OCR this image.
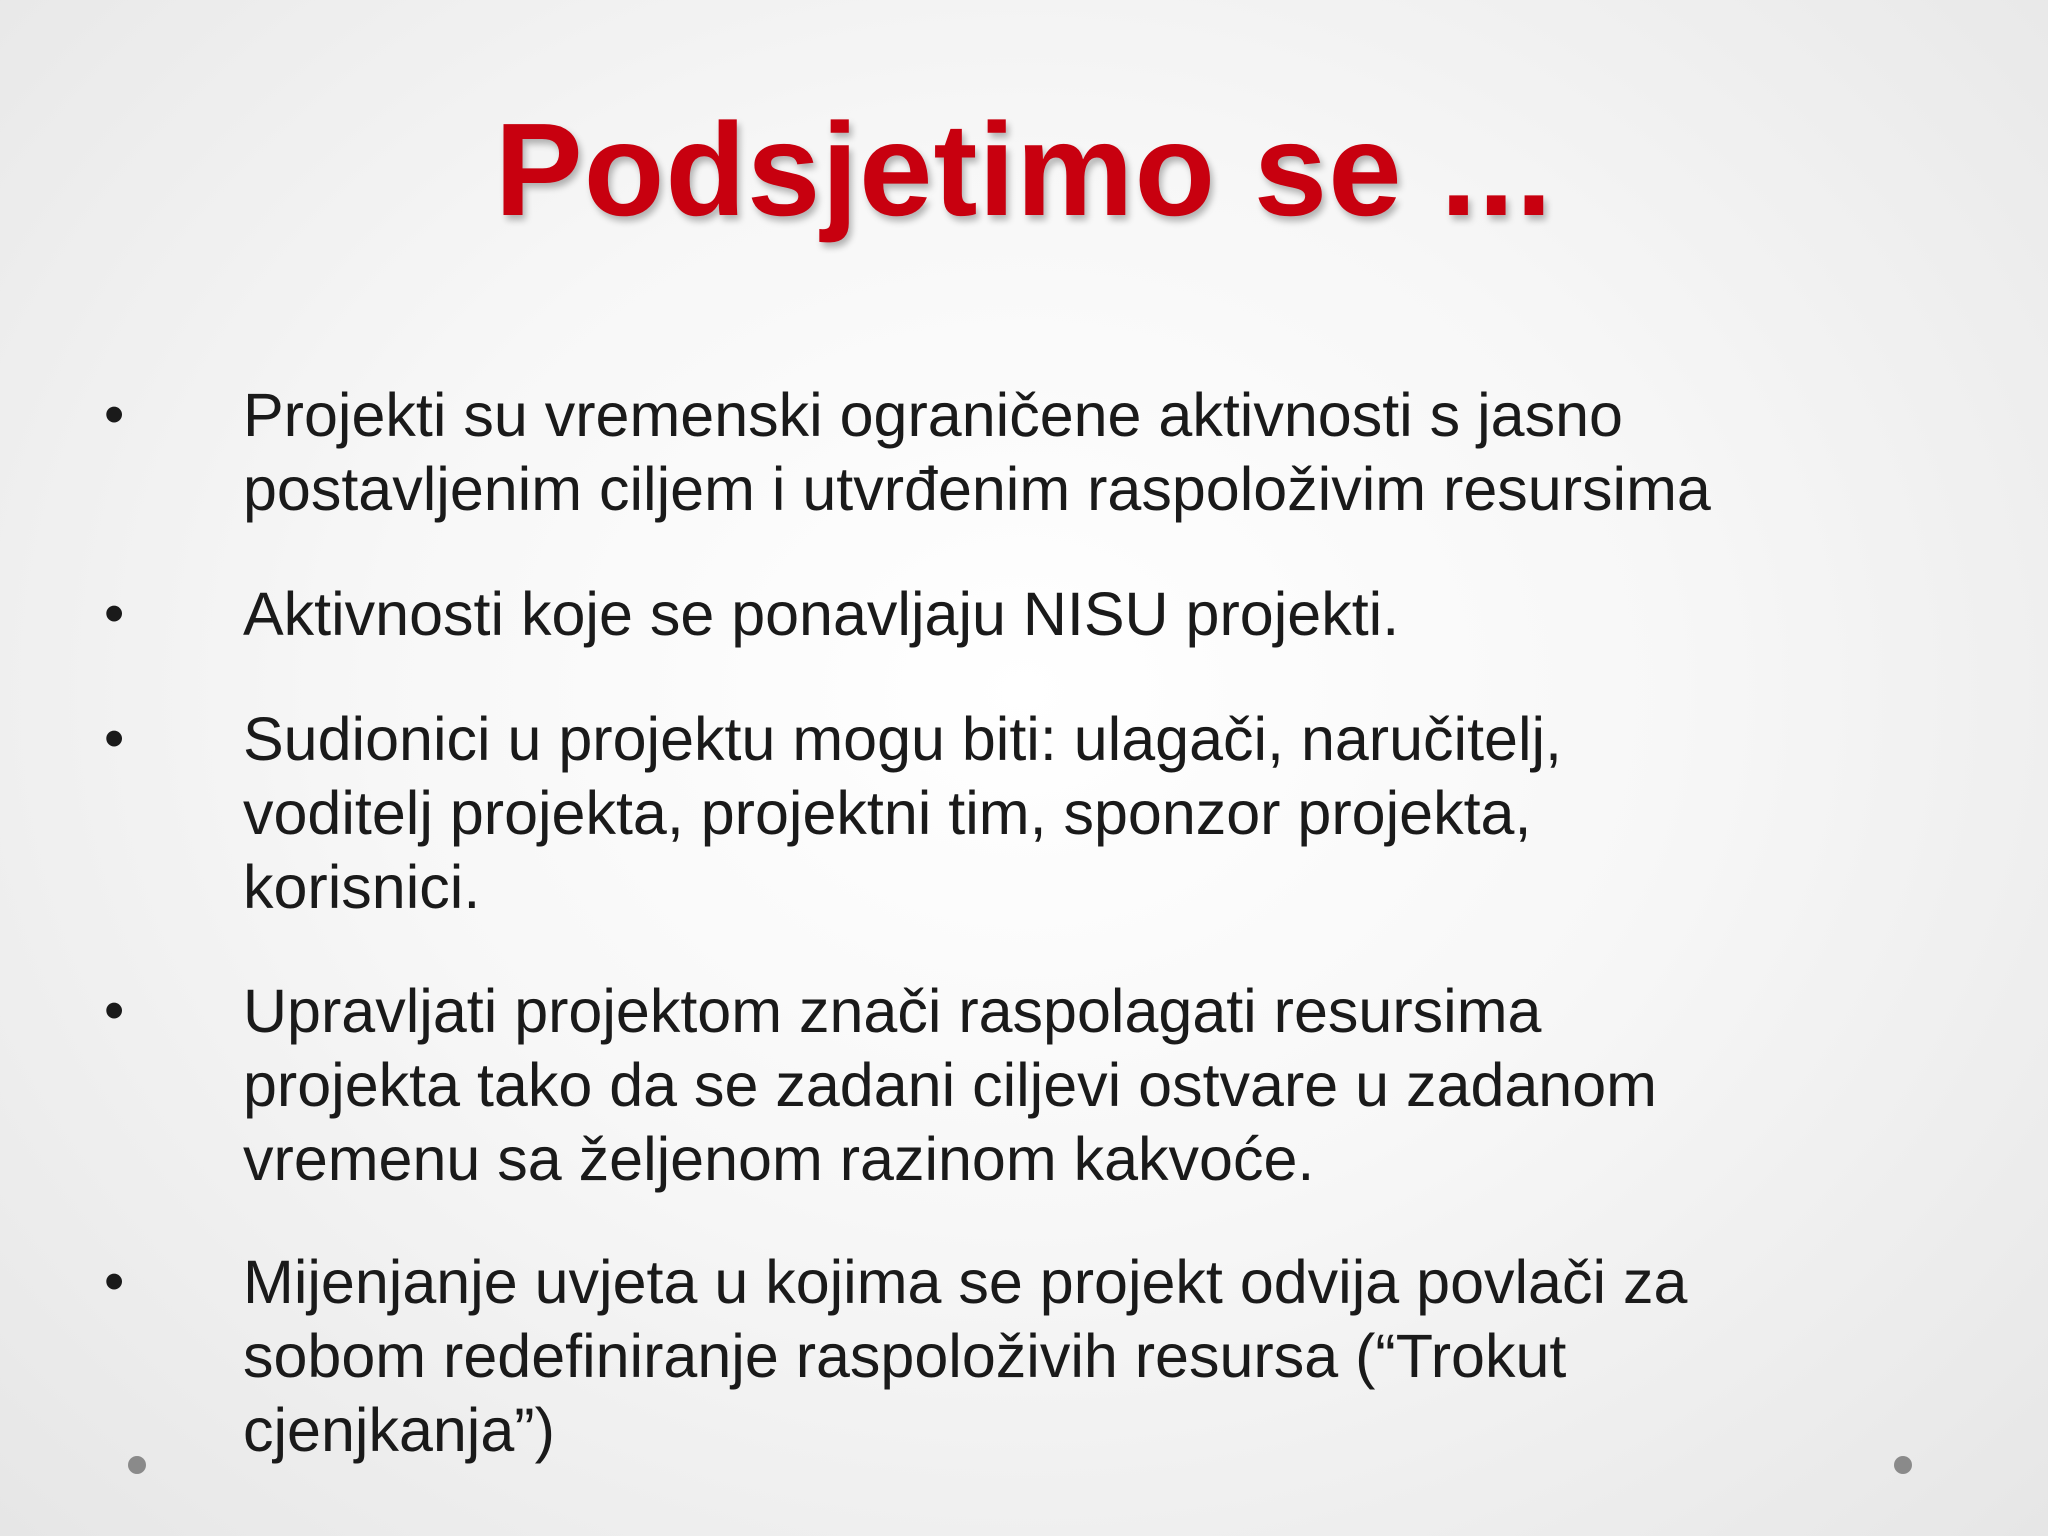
Podsjetimo se ...
• Projekti su vremenski ograničene aktivnosti s jasno
postavljenim ciljem i utvrđenim raspoloživim resursima
• Aktivnosti koje se ponavljaju NISU projekti.
• Sudionici u projektu mogu biti: ulagači, naručitelj,
voditelj projekta, projektni tim, sponzor projekta,
korisnici.
• Upravljati projektom znači raspolagati resursima
projekta tako da se zadani ciljevi ostvare u zadanom
vremenu sa željenom razinom kakvoće.
• Mijenjanje uvjeta u kojima se projekt odvija povlači za
sobom redefiniranje raspoloživih resursa (“Trokut
cjenjkanja”)
